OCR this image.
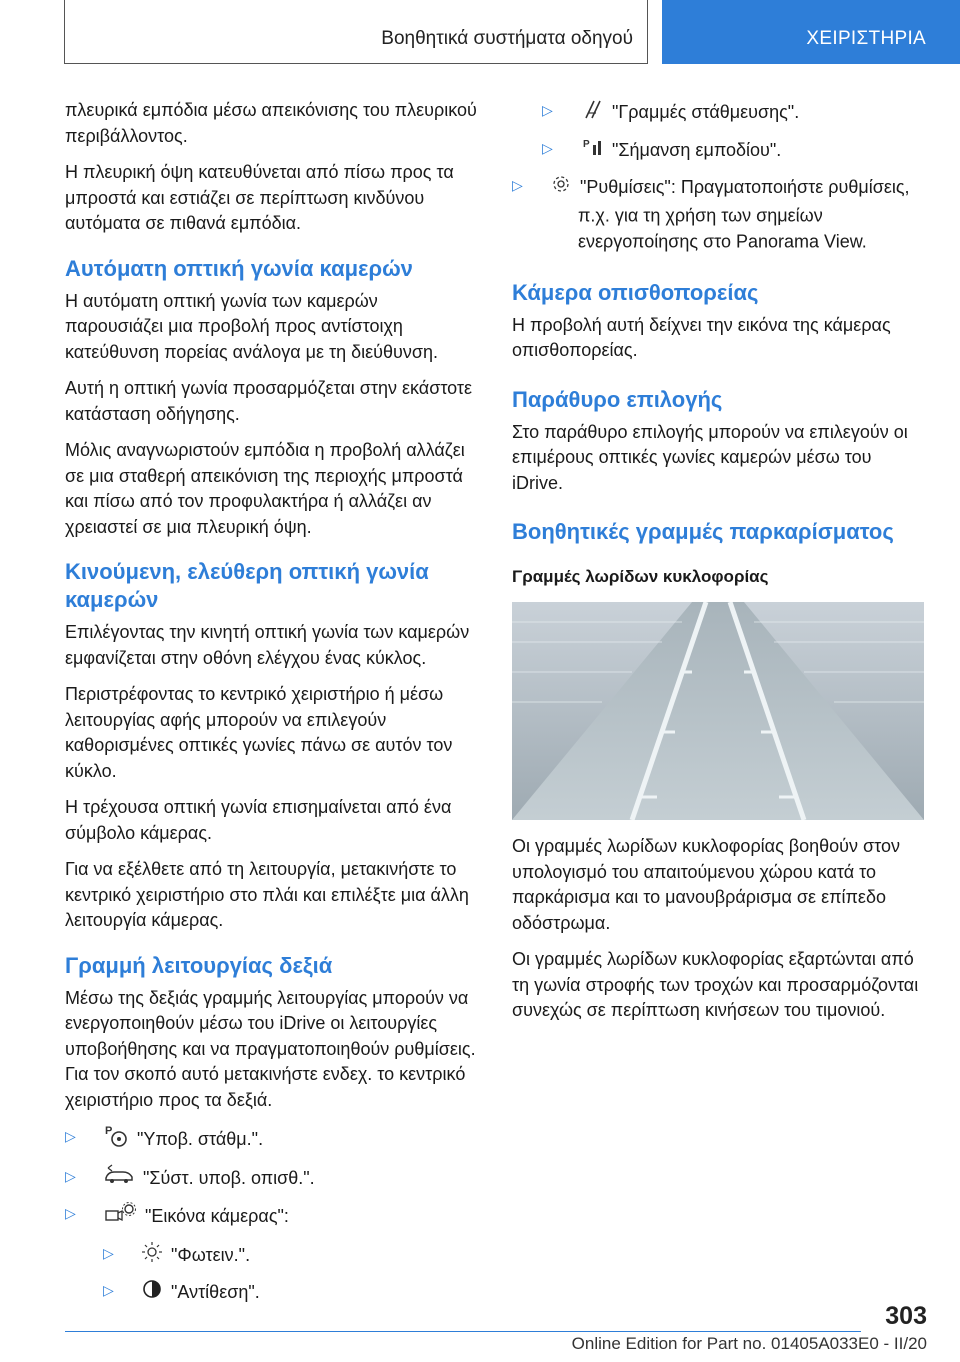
Βοηθητικά συστήματα οδηγού	ΧΕΙΡΙΣΤΗΡΙΑ

πλευρικά εμπόδια μέσω απεικόνισης του πλευρικού περιβάλλοντος.

Η πλευρική όψη κατευθύνεται από πίσω προς τα μπροστά και εστιάζει σε περίπτωση κινδύνου αυτόματα σε πιθανά εμπόδια.

Αυτόματη οπτική γωνία καμερών

Η αυτόματη οπτική γωνία των καμερών παρουσιάζει μια προβολή προς αντίστοιχη κατεύθυνση πορείας ανάλογα με τη διεύθυνση.

Αυτή η οπτική γωνία προσαρμόζεται στην εκάστοτε κατάσταση οδήγησης.

Μόλις αναγνωριστούν εμπόδια η προβολή αλλάζει σε μια σταθερή απεικόνιση της περιοχής μπροστά και πίσω από τον προφυλακτήρα ή αλλάζει αν χρειαστεί σε μια πλευρική όψη.

Κινούμενη, ελεύθερη οπτική γωνία καμερών

Επιλέγοντας την κινητή οπτική γωνία των καμερών εμφανίζεται στην οθόνη ελέγχου ένας κύκλος.

Περιστρέφοντας το κεντρικό χειριστήριο ή μέσω λειτουργίας αφής μπορούν να επιλεγούν καθορισμένες οπτικές γωνίες πάνω σε αυτόν τον κύκλο.

Η τρέχουσα οπτική γωνία επισημαίνεται από ένα σύμβολο κάμερας.

Για να εξέλθετε από τη λειτουργία, μετακινήστε το κεντρικό χειριστήριο στο πλάι και επιλέξτε μια άλλη λειτουργία κάμερας.

Γραμμή λειτουργίας δεξιά

Μέσω της δεξιάς γραμμής λειτουργίας μπορούν να ενεργοποιηθούν μέσω του iDrive οι λειτουργίες υποβοήθησης και να πραγματοποιηθούν ρυθμίσεις. Για τον σκοπό αυτό μετακινήστε ενδεχ. το κεντρικό χειριστήριο προς τα δεξιά.

▷	P "Υποβ. στάθμ.".
▷	"Σύστ. υποβ. οπισθ.".
▷	"Εικόνα κάμερας":
▷	"Φωτειν.".
▷	"Αντίθεση".
▷	"Γραμμές στάθμευσης".
▷	P "Σήμανση εμποδίου".
▷	"Ρυθμίσεις": Πραγματοποιήστε ρυθμίσεις, π.χ. για τη χρήση των σημείων ενεργοποίησης στο Panorama View.
Κάμερα οπισθοπορείας

Η προβολή αυτή δείχνει την εικόνα της κάμερας οπισθοπορείας.

Παράθυρο επιλογής

Στο παράθυρο επιλογής μπορούν να επιλεγούν οι επιμέρους οπτικές γωνίες καμερών μέσω του iDrive.

Βοηθητικές γραμμές παρκαρίσματος
Γραμμές λωρίδων κυκλοφορίας

Οι γραμμές λωρίδων κυκλοφορίας βοηθούν στον υπολογισμό του απαιτούμενου χώρου κατά το παρκάρισμα και το μανουβράρισμα σε επίπεδο οδόστρωμα.

Οι γραμμές λωρίδων κυκλοφορίας εξαρτώνται από τη γωνία στροφής των τροχών και προσαρμόζονται συνεχώς σε περίπτωση κινήσεων του τιμονιού.

303
Online Edition for Part no. 01405A033E0 - II/20
